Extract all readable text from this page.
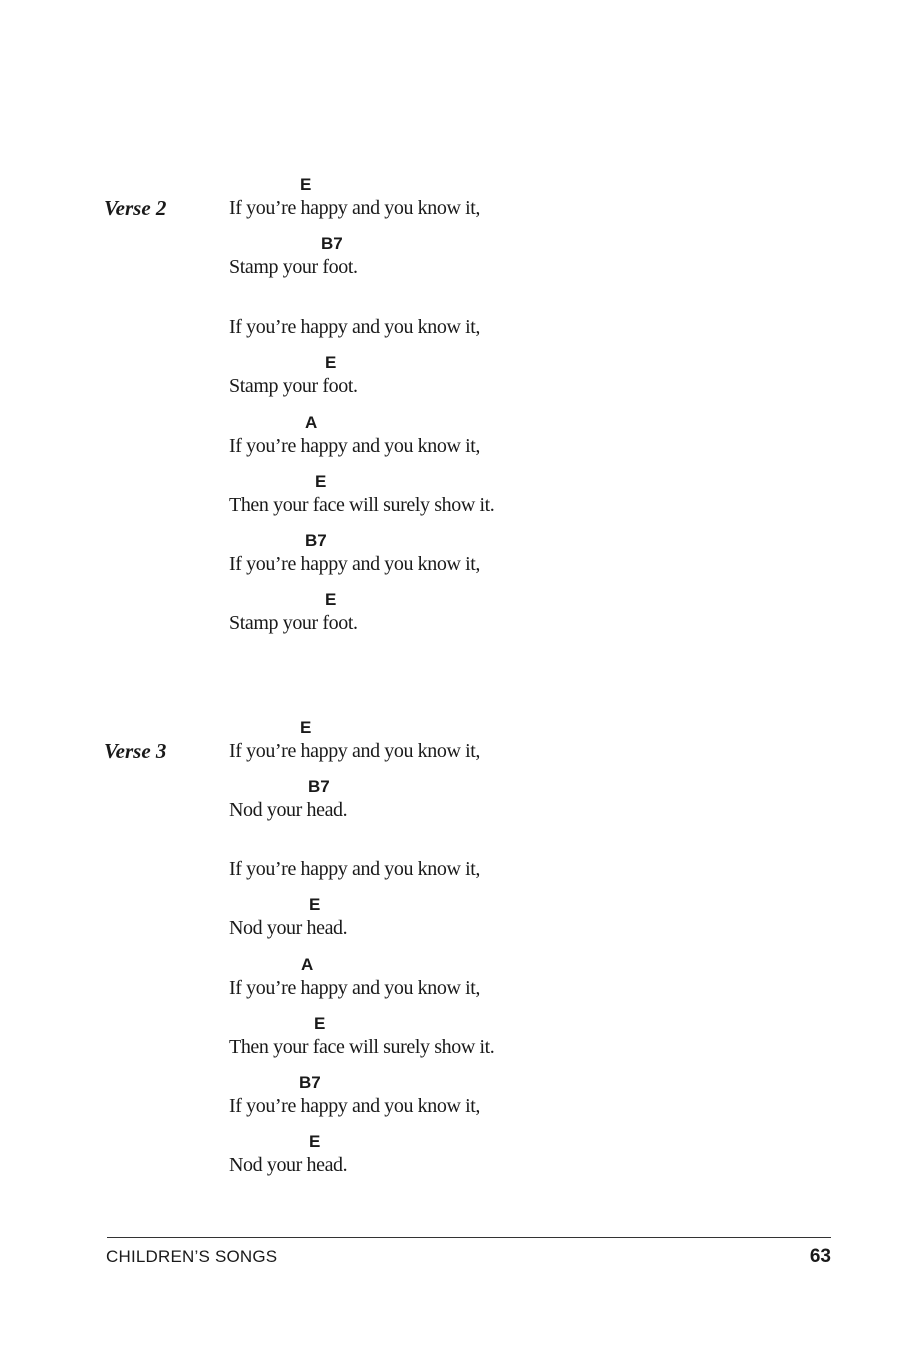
E
Verse 2	If you’re happy and you know it,
B7
Stamp your foot.
If you’re happy and you know it,
E
Stamp your foot.
A
If you’re happy and you know it,
E
Then your face will surely show it.
B7
If you’re happy and you know it,
E
Stamp your foot.
E
Verse 3	If you’re happy and you know it,
B7
Nod your head.
If you’re happy and you know it,
E
Nod your head.
A
If you’re happy and you know it,
E
Then your face will surely show it.
B7
If you’re happy and you know it,
E
Nod your head.
CHILDREN’S SONGS	63
